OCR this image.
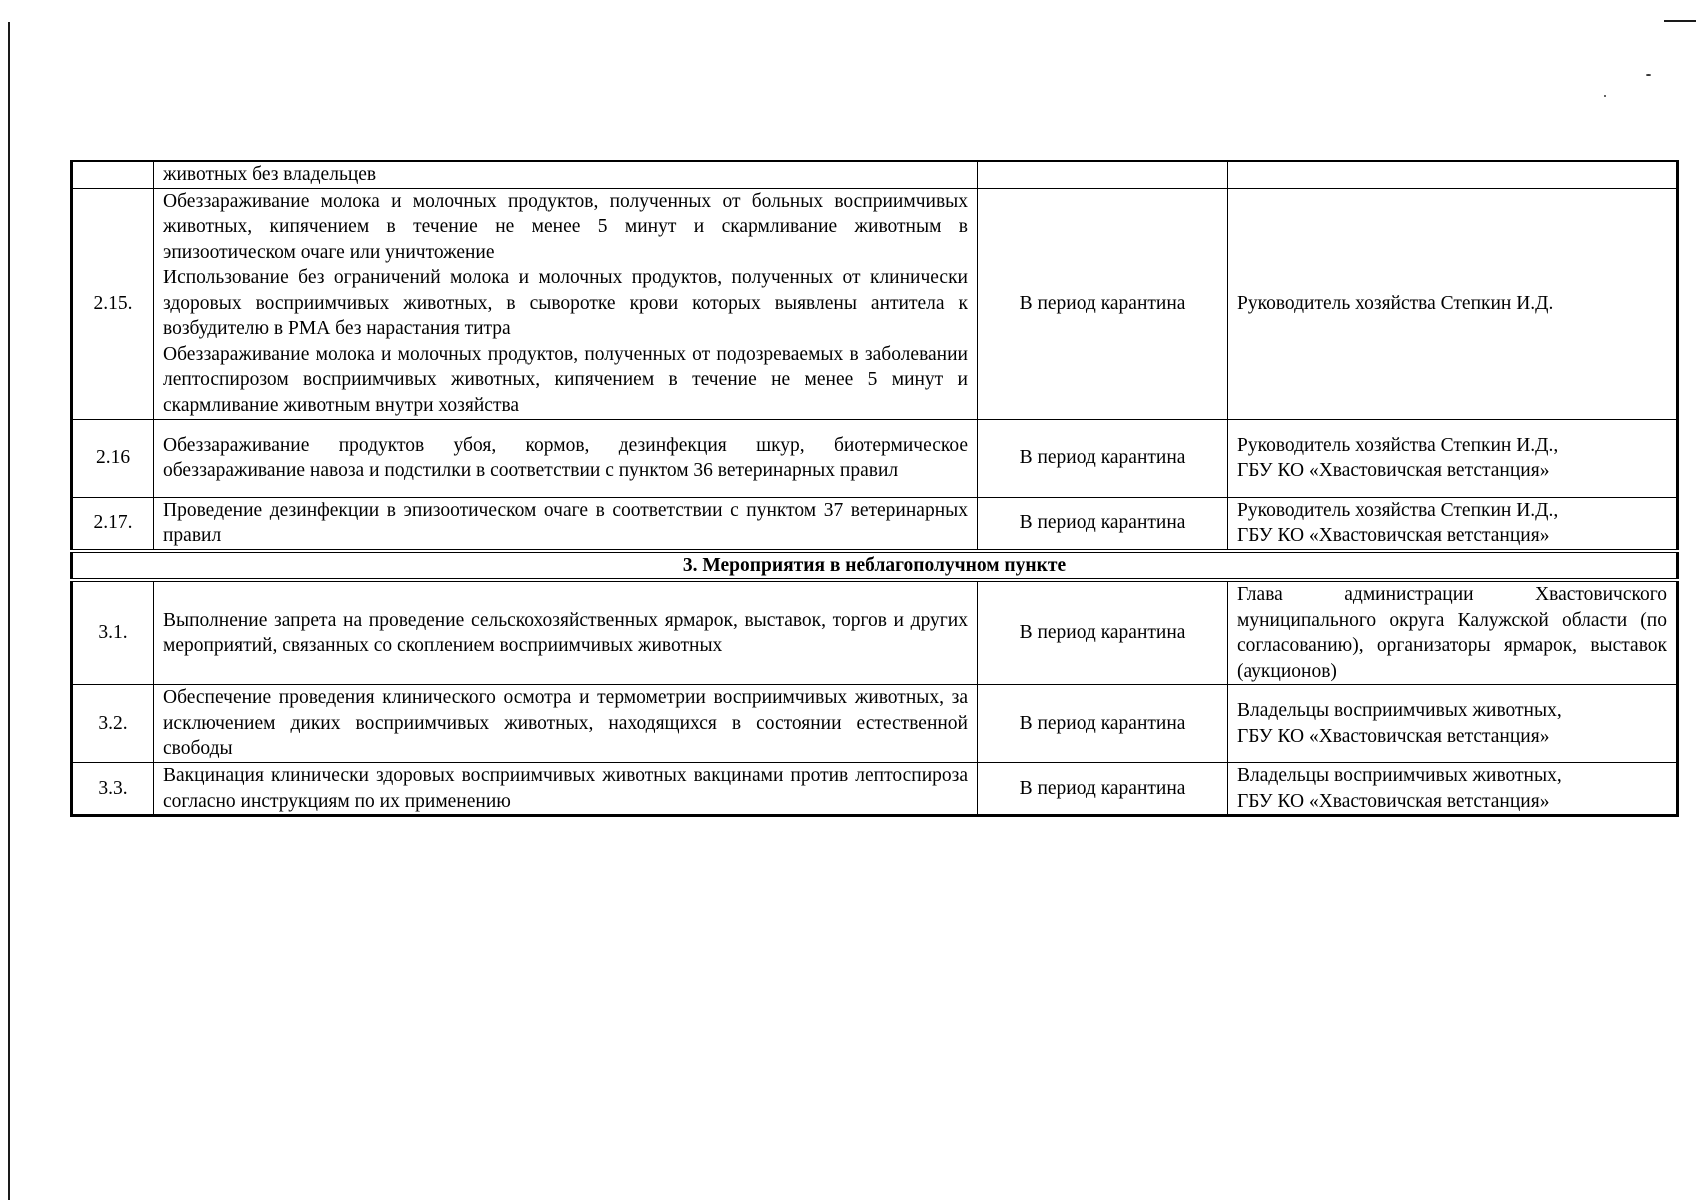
	животных без владельцев		
2.15.	Обеззараживание молока и молочных продуктов, полученных от больных восприимчивых животных, кипячением в течение не менее 5 минут и скармливание животным в эпизоотическом очаге или уничтожение
Использование без ограничений молока и молочных продуктов, полученных от клинически здоровых восприимчивых животных, в сыворотке крови которых выявлены антитела к возбудителю в РМА без нарастания титра
Обеззараживание молока и молочных продуктов, полученных от подозреваемых в заболевании лептоспирозом восприимчивых животных, кипячением в течение не менее 5 минут и скармливание животным внутри хозяйства	В период карантина	Руководитель хозяйства Степкин И.Д.

2.16	Обеззараживание продуктов убоя, кормов, дезинфекция шкур, биотермическое обеззараживание навоза и подстилки в соответствии с пунктом 36 ветеринарных правил	В период карантина	Руководитель хозяйства Степкин И.Д.,
ГБУ КО «Хвастовичская ветстанция»

2.17.	Проведение дезинфекции в эпизоотическом очаге в соответствии с пунктом 37 ветеринарных правил	В период карантина	Руководитель хозяйства Степкин И.Д.,
ГБУ КО «Хвастовичская ветстанция»

3. Мероприятия в неблагополучном пункте			
3.1.	Выполнение запрета на проведение сельскохозяйственных ярмарок, выставок, торгов и других мероприятий, связанных со скоплением восприимчивых животных	В период карантина	Глава администрации Хвастовичского муниципального округа Калужской области (по согласованию), организаторы ярмарок, выставок (аукционов)
3.2.	Обеспечение проведения клинического осмотра и термометрии восприимчивых животных, за исключением диких восприимчивых животных, находящихся в состоянии естественной свободы	В период карантина	Владельцы восприимчивых животных,
ГБУ КО «Хвастовичская ветстанция»

3.3.	Вакцинация клинически здоровых восприимчивых животных вакцинами против лептоспироза согласно инструкциям по их применению	В период карантина	Владельцы восприимчивых животных,
ГБУ КО «Хвастовичская ветстанция»
